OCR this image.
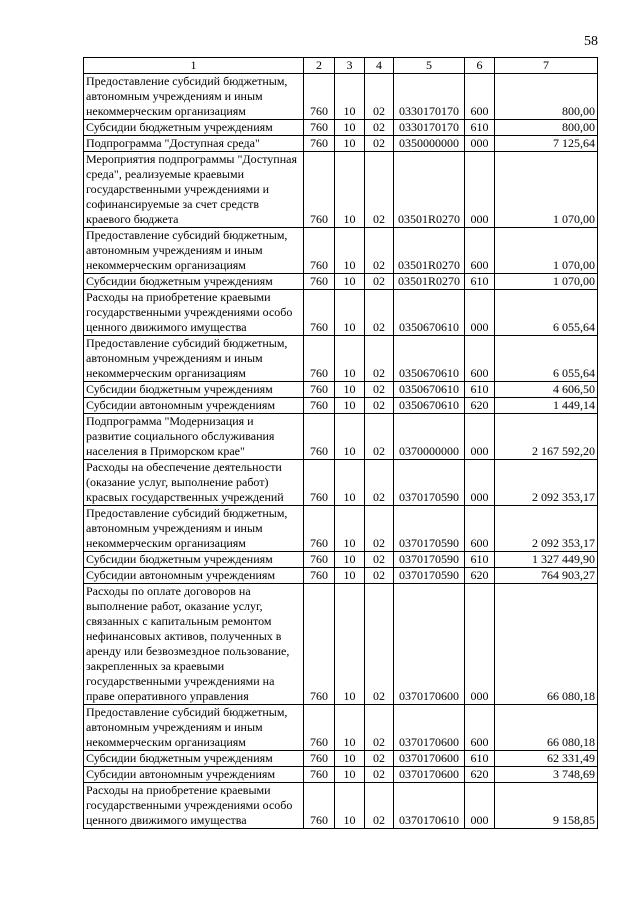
58
1	2	3	4	5	6	7
Предоставление субсидий бюджетным, автономным учреждениям и иным некоммерческим организациям	760	10	02	0330170170	600	800,00
Субсидии бюджетным учреждениям	760	10	02	0330170170	610	800,00
Подпрограмма "Доступная среда"	760	10	02	0350000000	000	7 125,64
Мероприятия подпрограммы "Доступная среда", реализуемые краевыми государственными учреждениями и софинансируемые за счет средств краевого бюджета	760	10	02	03501R0270	000	1 070,00
Предоставление субсидий бюджетным, автономным учреждениям и иным некоммерческим организациям	760	10	02	03501R0270	600	1 070,00
Субсидии бюджетным учреждениям	760	10	02	03501R0270	610	1 070,00
Расходы на приобретение краевыми государственными учреждениями особо ценного движимого имущества	760	10	02	0350670610	000	6 055,64
Предоставление субсидий бюджетным, автономным учреждениям и иным некоммерческим организациям	760	10	02	0350670610	600	6 055,64
Субсидии бюджетным учреждениям	760	10	02	0350670610	610	4 606,50
Субсидии автономным учреждениям	760	10	02	0350670610	620	1 449,14
Подпрограмма "Модернизация и развитие социального обслуживания населения в Приморском крае"	760	10	02	0370000000	000	2 167 592,20
Расходы на обеспечение деятельности (оказание услуг, выполнение работ) красвых государственных учреждений	760	10	02	0370170590	000	2 092 353,17
Предоставление субсидий бюджетным, автономным учреждениям и иным некоммерческим организациям	760	10	02	0370170590	600	2 092 353,17
Субсидии бюджетным учреждениям	760	10	02	0370170590	610	1 327 449,90
Субсидии автономным учреждениям	760	10	02	0370170590	620	764 903,27
Расходы по оплате договоров на выполнение работ, оказание услуг, связанных с капитальным ремонтом нефинансовых активов, полученных в аренду или безвозмездное пользование, закрепленных за краевыми государственными учреждениями на праве оперативного управления	760	10	02	0370170600	000	66 080,18
Предоставление субсидий бюджетным, автономным учреждениям и иным некоммерческим организациям	760	10	02	0370170600	600	66 080,18
Субсидии бюджетным учреждениям	760	10	02	0370170600	610	62 331,49
Субсидии автономным учреждениям	760	10	02	0370170600	620	3 748,69
Расходы на приобретение краевыми государственными учреждениями особо ценного движимого имущества	760	10	02	0370170610	000	9 158,85
